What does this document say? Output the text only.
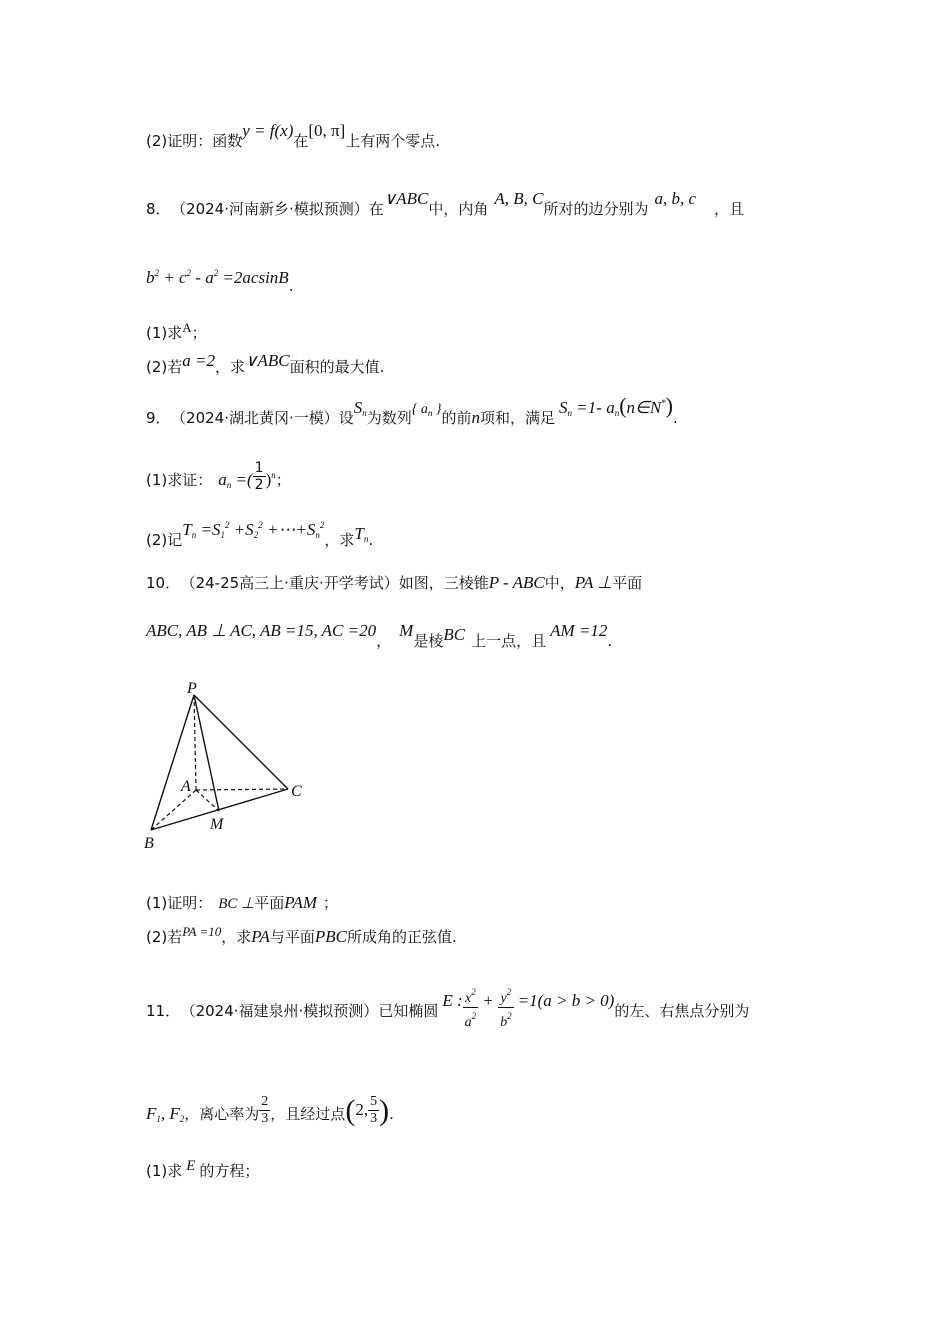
(2)证明：函数y = f(x)在[0, π]上有两个零点.
8． （2024·河南新乡·模拟预测）在∨ABC中，内角A, B, C所对的边分别为a, b, c，且
$b^2 + c^2 - a^2 =2acsinB$.
(1)求A；
(2)若a =2，求∨ABC面积的最大值.
9． （2024·湖北黄冈·一模）设$S_n$为数列{ $a_n$ }的前n项和，满足$S_n =1-$ $a_n(n\in N^*)$.
(1)求证： $a_n$ =( $\frac{1}{2} )^n$；
(2)记$T_n =S_1^2 +S_2^2$ $+\cdots+S_n^2$，求$T_n$.
10． （24-25高三上·重庆·开学考试）如图，三棱锥P - ABC中，PA ⊥平面
ABC, AB ⊥ AC, AB =15, AC =20，M是棱BC 上一点，且AM =12.
P
A	C
M
B
(1)证明： BC ⊥平面PAM ；
(2)若PA =10，求PA与平面PBC所成角的正弦值.
11． （2024·福建泉州·模拟预测）已知椭圆E : $\frac{x^2}{a^2} + \frac{y^2}{b^2} =1(a > b > 0)$的左、右焦点分别为
$F_1$, $F_2$，离心率为 $\frac{2}{3}$ ，且经过点(2, $\frac{5}{3}$ ).
(1)求 E 的方程；
